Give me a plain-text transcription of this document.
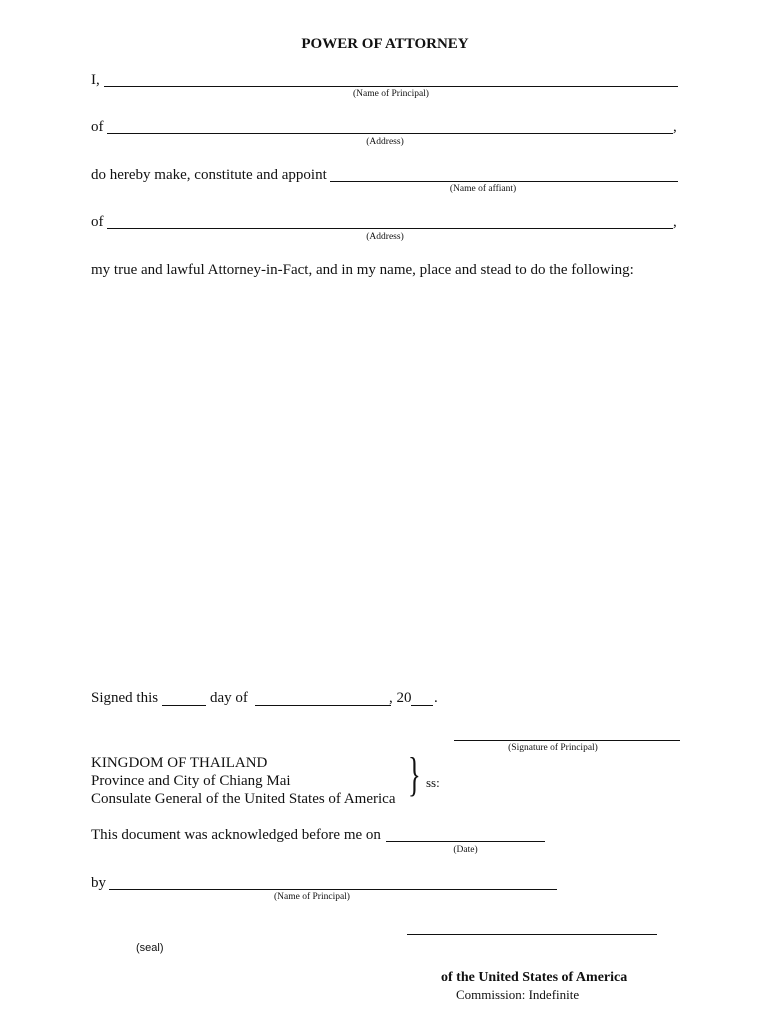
POWER OF ATTORNEY
I,
(Name of Principal)
of	,
(Address)
do hereby make, constitute and appoint
(Name of affiant)
of	,
(Address)
my true and lawful Attorney-in-Fact, and in my name, place and stead to do the following:
Signed this	day of	, 20 .
(Signature of Principal)
KINGDOM OF THAILAND
Province and City of Chiang Mai
Consulate General of the United States of America } ss:
This document was acknowledged before me on
(Date)
by
(Name of Principal)
(seal)
of the United States of America
Commission: Indefinite
